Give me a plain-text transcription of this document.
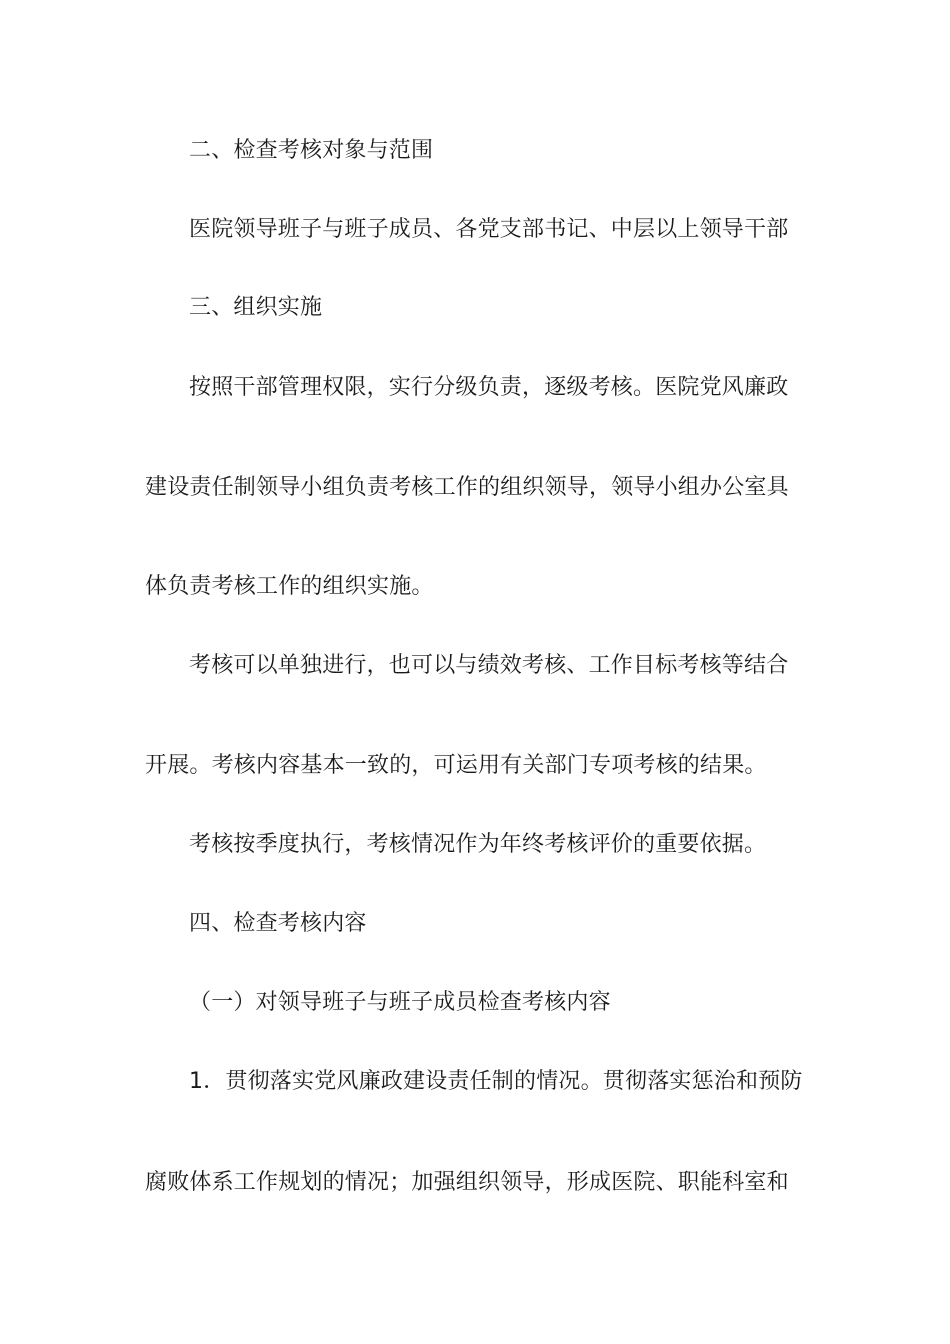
二、检查考核对象与范围
医院领导班子与班子成员、各党支部书记、中层以上领导干部
三、组织实施
按照干部管理权限，实行分级负责，逐级考核。医院党风廉政
建设责任制领导小组负责考核工作的组织领导，领导小组办公室具
体负责考核工作的组织实施。
考核可以单独进行，也可以与绩效考核、工作目标考核等结合
开展。考核内容基本一致的，可运用有关部门专项考核的结果。
考核按季度执行，考核情况作为年终考核评价的重要依据。
四、检查考核内容
（一）对领导班子与班子成员检查考核内容
1．贯彻落实党风廉政建设责任制的情况。贯彻落实惩治和预防
腐败体系工作规划的情况；加强组织领导，形成医院、职能科室和
